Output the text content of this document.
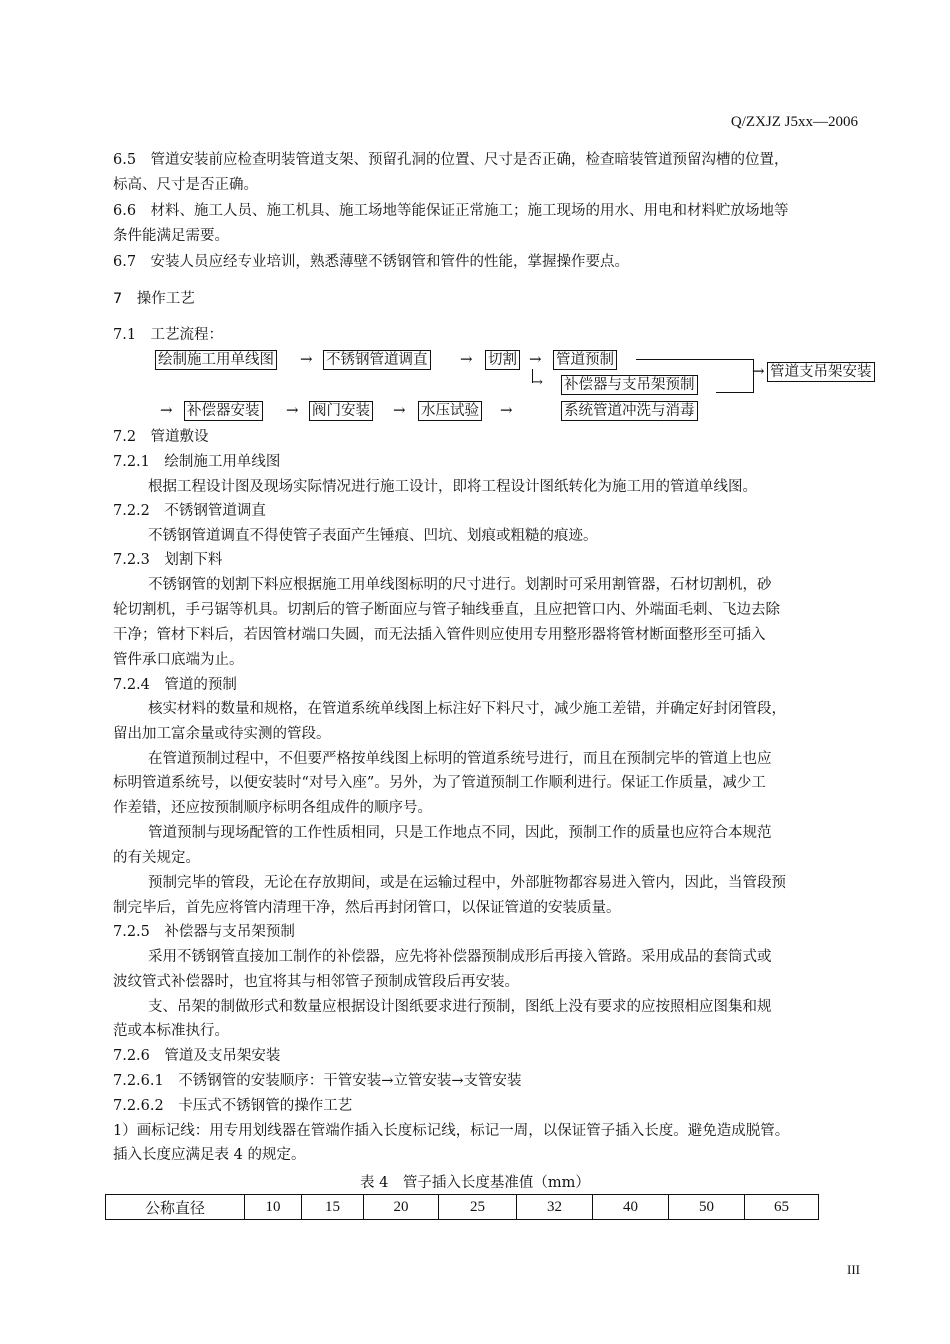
Q/ZXJZ J5xx—2006
6.5　管道安装前应检查明装管道支架、预留孔洞的位置、尺寸是否正确，检查暗装管道预留沟槽的位置，
标高、尺寸是否正确。
6.6　材料、施工人员、施工机具、施工场地等能保证正常施工；施工现场的用水、用电和材料贮放场地等
条件能满足需要。
6.7　安装人员应经专业培训，熟悉薄壁不锈钢管和管件的性能，掌握操作要点。
7　操作工艺
7.1　工艺流程：
绘制施工用单线图 → 不锈钢管道调直 → 切割 → 管道预制
→ 管道支吊架安装
→ 补偿器与支吊架预制
→ 补偿器安装 → 阀门安装 → 水压试验 →	系统管道冲洗与消毒
7.2　管道敷设
7.2.1　绘制施工用单线图
根据工程设计图及现场实际情况进行施工设计，即将工程设计图纸转化为施工用的管道单线图。
7.2.2　不锈钢管道调直
不锈钢管道调直不得使管子表面产生锤痕、凹坑、划痕或粗糙的痕迹。
7.2.3　划割下料
不锈钢管的划割下料应根据施工用单线图标明的尺寸进行。划割时可采用割管器，石材切割机，砂
轮切割机，手弓锯等机具。切割后的管子断面应与管子轴线垂直，且应把管口内、外端面毛刺、飞边去除
干净；管材下料后，若因管材端口失圆，而无法插入管件则应使用专用整形器将管材断面整形至可插入
管件承口底端为止。
7.2.4　管道的预制
核实材料的数量和规格，在管道系统单线图上标注好下料尺寸，减少施工差错，并确定好封闭管段，
留出加工富余量或待实测的管段。
在管道预制过程中，不但要严格按单线图上标明的管道系统号进行，而且在预制完毕的管道上也应
标明管道系统号，以便安装时“对号入座”。另外，为了管道预制工作顺利进行。保证工作质量，减少工
作差错，还应按预制顺序标明各组成件的顺序号。
管道预制与现场配管的工作性质相同，只是工作地点不同，因此，预制工作的质量也应符合本规范
的有关规定。
预制完毕的管段，无论在存放期间，或是在运输过程中，外部脏物都容易进入管内，因此，当管段预
制完毕后，首先应将管内清理干净，然后再封闭管口，以保证管道的安装质量。
7.2.5　补偿器与支吊架预制
采用不锈钢管直接加工制作的补偿器，应先将补偿器预制成形后再接入管路。采用成品的套筒式或
波纹管式补偿器时，也宜将其与相邻管子预制成管段后再安装。
支、吊架的制做形式和数量应根据设计图纸要求进行预制，图纸上没有要求的应按照相应图集和规
范或本标准执行。
7.2.6　管道及支吊架安装
7.2.6.1　不锈钢管的安装顺序：干管安装→立管安装→支管安装
7.2.6.2　卡压式不锈钢管的操作工艺
1）画标记线：用专用划线器在管端作插入长度标记线，标记一周，以保证管子插入长度。避免造成脱管。
插入长度应满足表 4 的规定。
表 4　管子插入长度基准值（mm）
公称直径	10	15	20	25	32	40	50	65
III
